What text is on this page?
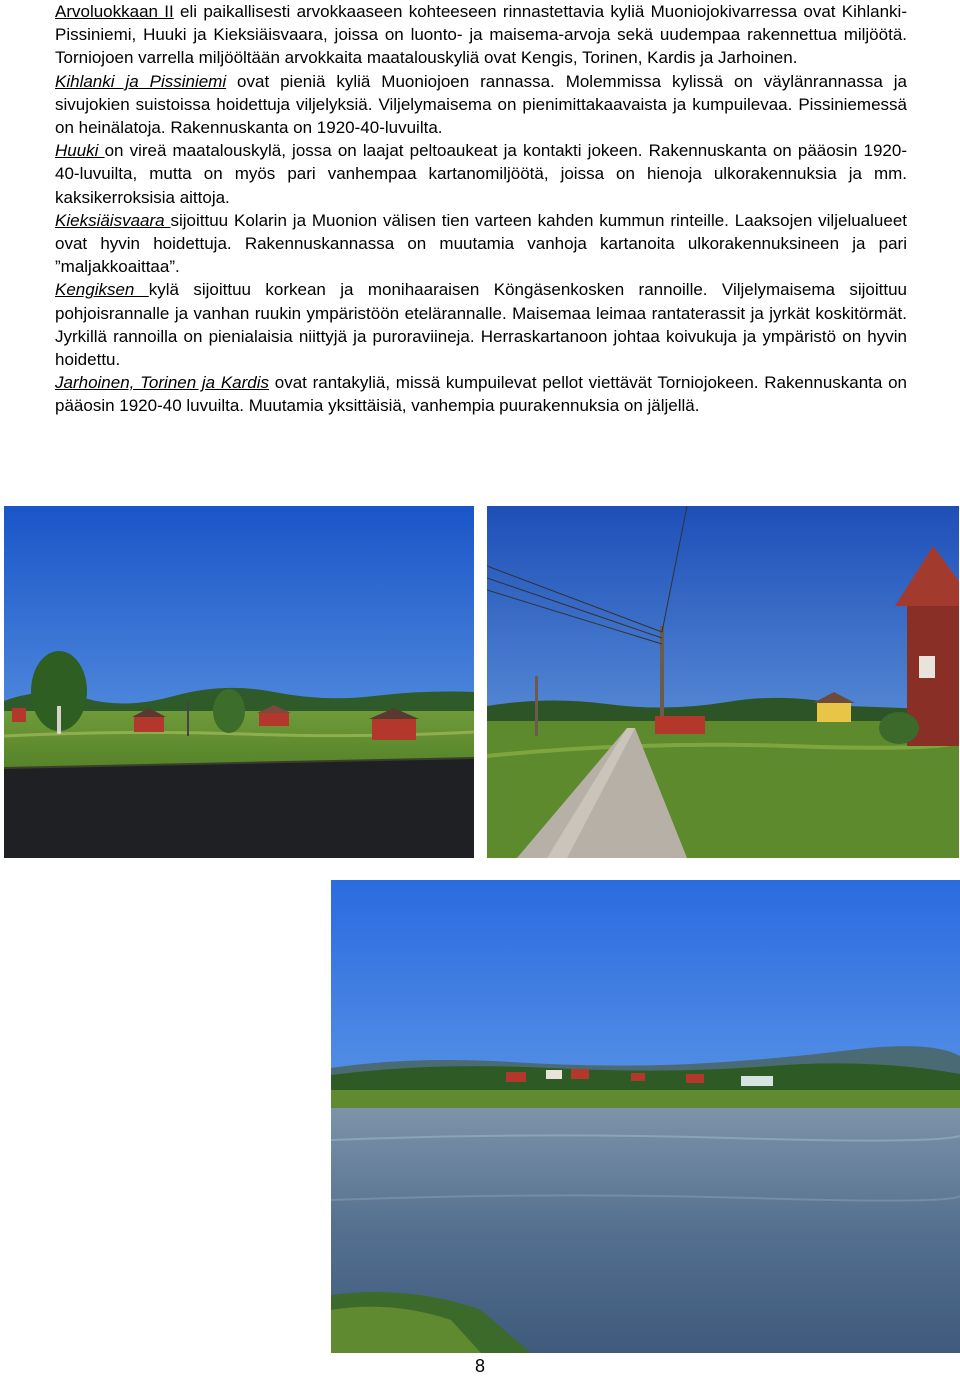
Arvoluokkaan II eli paikallisesti arvokkaaseen kohteeseen rinnastettavia kyliä Muoniojokivarressa ovat Kihlanki-Pissiniemi, Huuki ja Kieksiäisvaara, joissa on luonto- ja maisema-arvoja sekä uudempaa rakennettua miljöötä. Torniojoen varrella miljööltään arvokkaita maatalouskyliä ovat Kengis, Torinen, Kardis ja Jarhoinen.

Kihlanki ja Pissiniemi ovat pieniä kyliä Muoniojoen rannassa. Molemmissa kylissä on väylänrannassa ja sivujokien suistoissa hoidettuja viljelyksiä. Viljelymaisema on pienimittakaavaista ja kumpuilevaa. Pissiniemessä on heinälatoja. Rakennuskanta on 1920-40-luvuilta.

Huuki on vireä maatalouskylä, jossa on laajat peltoaukeat ja kontakti jokeen. Rakennuskanta on pääosin 1920-40-luvuilta, mutta on myös pari vanhempaa kartanomiljöötä, joissa on hienoja ulkorakennuksia ja mm. kaksikerroksisia aittoja.

Kieksiäisvaara sijoittuu Kolarin ja Muonion välisen tien varteen kahden kummun rinteille. Laaksojen viljelualueet ovat hyvin hoidettuja. Rakennuskannassa on muutamia vanhoja kartanoita ulkorakennuksineen ja pari ”maljakkoaittaa”.

Kengiksen kylä sijoittuu korkean ja monihaaraisen Köngäsenkosken rannoille. Viljelymaisema sijoittuu pohjoisrannalle ja vanhan ruukin ympäristöön etelärannalle. Maisemaa leimaa rantaterassit ja jyrkät koskitörmät. Jyrkillä rannoilla on pienialaisia niittyjä ja puroraviineja. Herraskartanoon johtaa koivukuja ja ympäristö on hyvin hoidettu.

Jarhoinen, Torinen ja Kardis ovat rantakyliä, missä kumpuilevat pellot viettävät Torniojokeen. Rakennuskanta on pääosin 1920-40 luvuilta. Muutamia yksittäisiä, vanhempia puurakennuksia on jäljellä.

8
